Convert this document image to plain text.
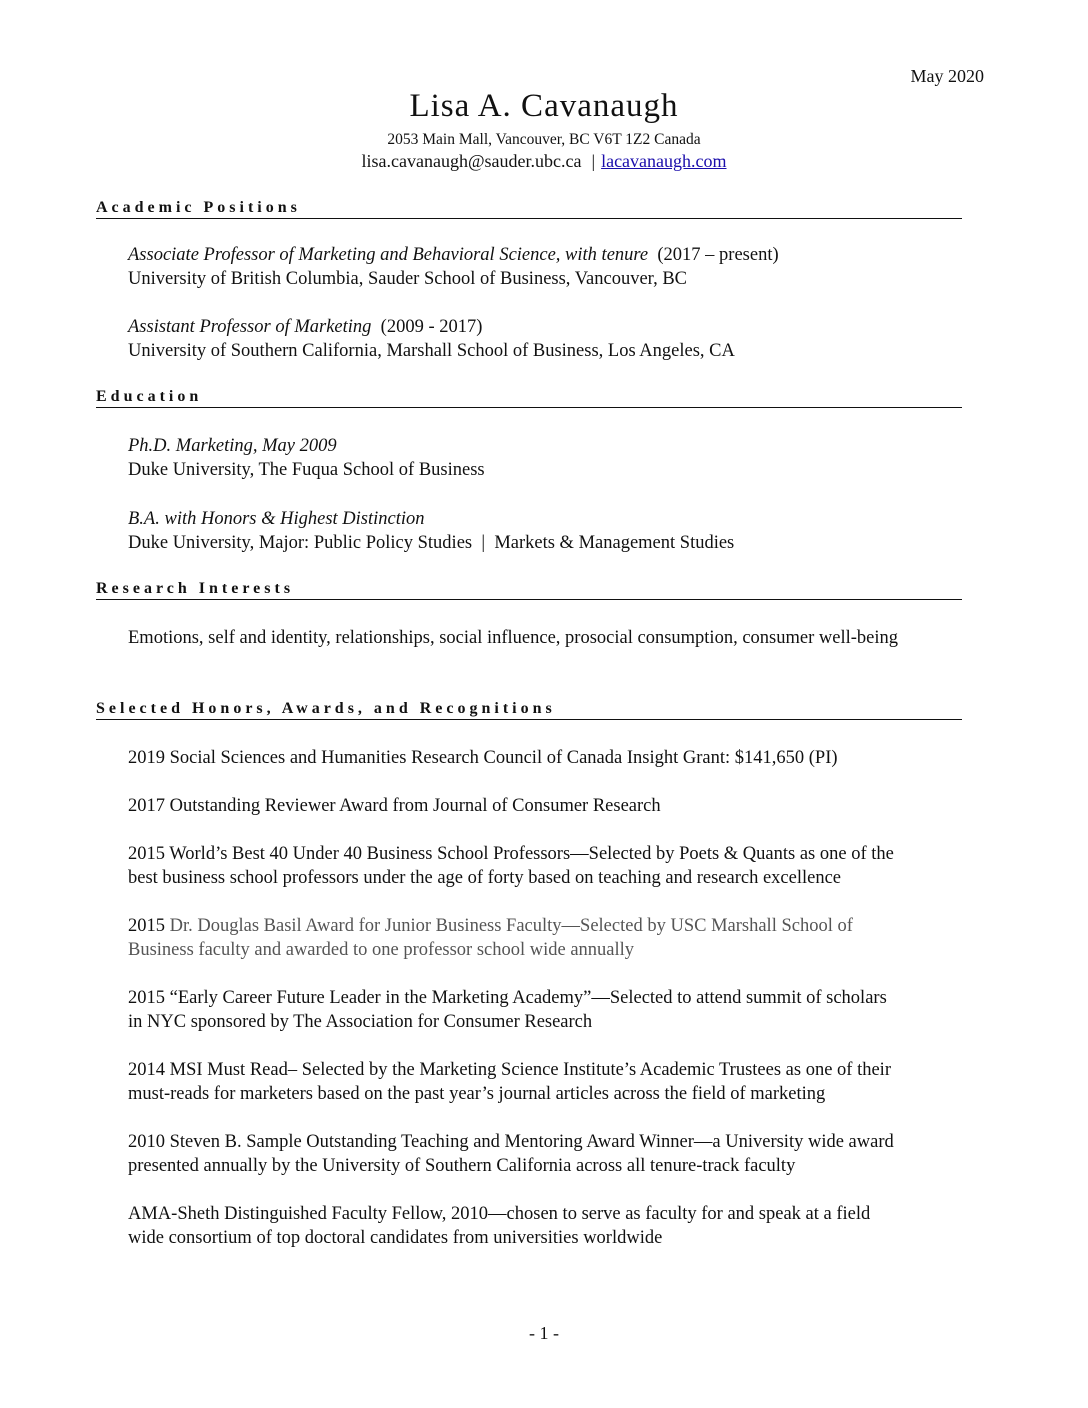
May 2020
Lisa A. Cavanaugh
2053 Main Mall, Vancouver, BC V6T 1Z2 Canada
lisa.cavanaugh@sauder.ubc.ca | lacavanaugh.com
Academic Positions
Associate Professor of Marketing and Behavioral Science, with tenure (2017 – present)
University of British Columbia, Sauder School of Business, Vancouver, BC
Assistant Professor of Marketing (2009 - 2017)
University of Southern California, Marshall School of Business, Los Angeles, CA
Education
Ph.D. Marketing, May 2009
Duke University, The Fuqua School of Business
B.A. with Honors & Highest Distinction
Duke University, Major: Public Policy Studies  |  Markets & Management Studies
Research Interests
Emotions, self and identity, relationships, social influence, prosocial consumption, consumer well-being
Selected Honors, Awards, and Recognitions
2019 Social Sciences and Humanities Research Council of Canada Insight Grant: $141,650 (PI)
2017 Outstanding Reviewer Award from Journal of Consumer Research
2015 World’s Best 40 Under 40 Business School Professors—Selected by Poets & Quants as one of the
best business school professors under the age of forty based on teaching and research excellence
2015 Dr. Douglas Basil Award for Junior Business Faculty—Selected by USC Marshall School of
Business faculty and awarded to one professor school wide annually
2015 “Early Career Future Leader in the Marketing Academy”—Selected to attend summit of scholars
in NYC sponsored by The Association for Consumer Research
2014 MSI Must Read– Selected by the Marketing Science Institute’s Academic Trustees as one of their
must-reads for marketers based on the past year’s journal articles across the field of marketing
2010 Steven B. Sample Outstanding Teaching and Mentoring Award Winner—a University wide award
presented annually by the University of Southern California across all tenure-track faculty
AMA-Sheth Distinguished Faculty Fellow, 2010—chosen to serve as faculty for and speak at a field
wide consortium of top doctoral candidates from universities worldwide
- 1 -
